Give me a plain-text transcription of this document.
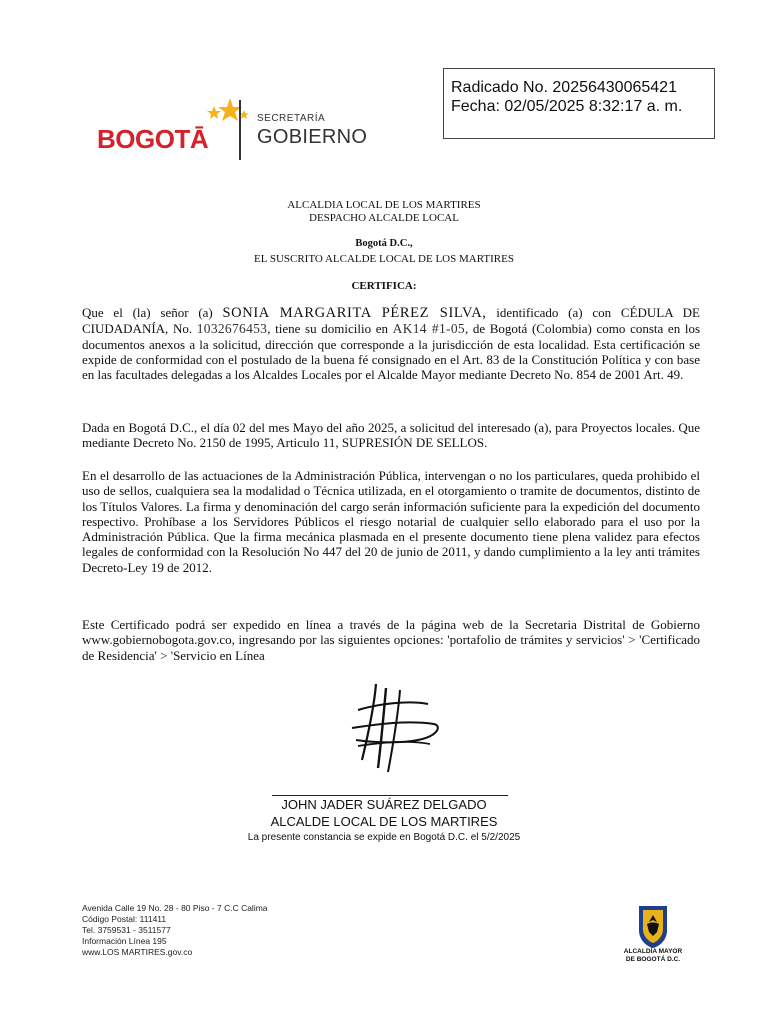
BOGOTĀ
SECRETARÍA
GOBIERNO
Radicado No. 20256430065421
Fecha: 02/05/2025 8:32:17 a. m.
ALCALDIA LOCAL DE LOS MARTIRES
DESPACHO ALCALDE LOCAL
Bogotá D.C.,
EL SUSCRITO ALCALDE LOCAL DE LOS MARTIRES
CERTIFICA:
Que el (la) señor (a) SONIA MARGARITA PÉREZ SILVA, identificado (a) con CÉDULA DE CIUDADANÍA, No. 1032676453, tiene su domicilio en AK14 #1-05, de Bogotá (Colombia) como consta en los documentos anexos a la solicitud, dirección que corresponde a la jurisdicción de esta localidad. Esta certificación se expide de conformidad con el postulado de la buena fé consignado en el Art. 83 de la Constitución Política y con base en las facultades delegadas a los Alcaldes Locales por el Alcalde Mayor mediante Decreto No. 854 de 2001 Art. 49.
Dada en Bogotá D.C., el día 02 del mes Mayo del año 2025, a solicitud del interesado (a), para Proyectos locales. Que mediante Decreto No. 2150 de 1995, Articulo 11, SUPRESIÓN DE SELLOS.
En el desarrollo de las actuaciones de la Administración Pública, intervengan o no los particulares, queda prohibido el uso de sellos, cualquiera sea la modalidad o Técnica utilizada, en el otorgamiento o tramite de documentos, distinto de los Títulos Valores. La firma y denominación del cargo serán información suficiente para la expedición del documento respectivo. Prohíbase a los Servidores Públicos el riesgo notarial de cualquier sello elaborado para el uso por la Administración Pública. Que la firma mecánica plasmada en el presente documento tiene plena validez para efectos legales de conformidad con la Resolución No 447 del 20 de junio de 2011, y dando cumplimiento a la ley anti trámites Decreto-Ley 19 de 2012.
Este Certificado podrá ser expedido en línea a través de la página web de la Secretaria Distrital de Gobierno www.gobiernobogota.gov.co, ingresando por las siguientes opciones: 'portafolio de trámites y servicios' > 'Certificado de Residencia' > 'Servicio en Línea
JOHN JADER SUÁREZ DELGADO
ALCALDE LOCAL DE LOS MARTIRES
La presente constancia se expide en Bogotá D.C. el 5/2/2025
Avenida Calle 19 No. 28 - 80 Piso - 7 C.C Calima
Código Postal: 111411
Tel. 3759531 - 3511577
Información Línea 195
www.LOS MARTIRES.gov.co	ALCALDÍA MAYOR
DE BOGOTÁ D.C.
